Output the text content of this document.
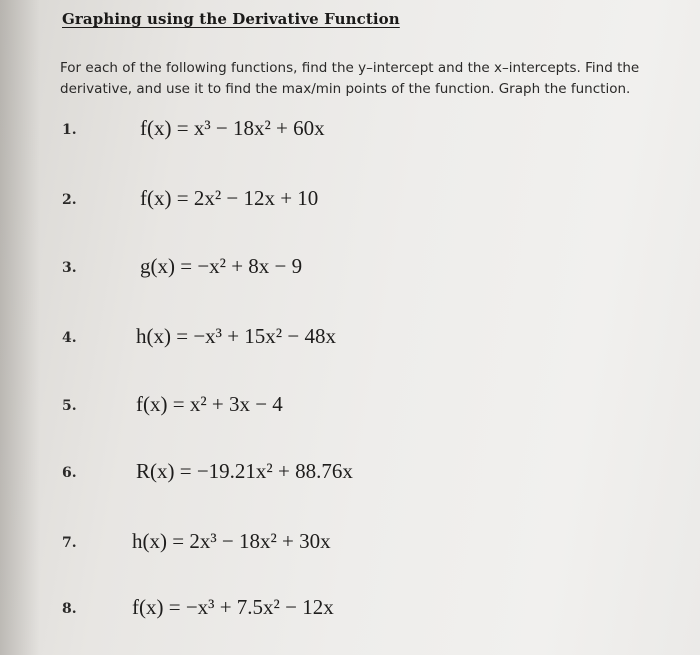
Graphing using the Derivative Function
For each of the following functions, find the y–intercept and the x–intercepts. Find the
derivative, and use it to find the max/min points of the function. Graph the function.
1.	f(x) = x³ − 18x² + 60x
2.	f(x) = 2x² − 12x + 10
3.	g(x) = −x² + 8x − 9
4.	h(x) = −x³ + 15x² − 48x
5.	f(x) = x² + 3x − 4
6.	R(x) = −19.21x² + 88.76x
7.	h(x) = 2x³ − 18x² + 30x
8.	f(x) = −x³ + 7.5x² − 12x
